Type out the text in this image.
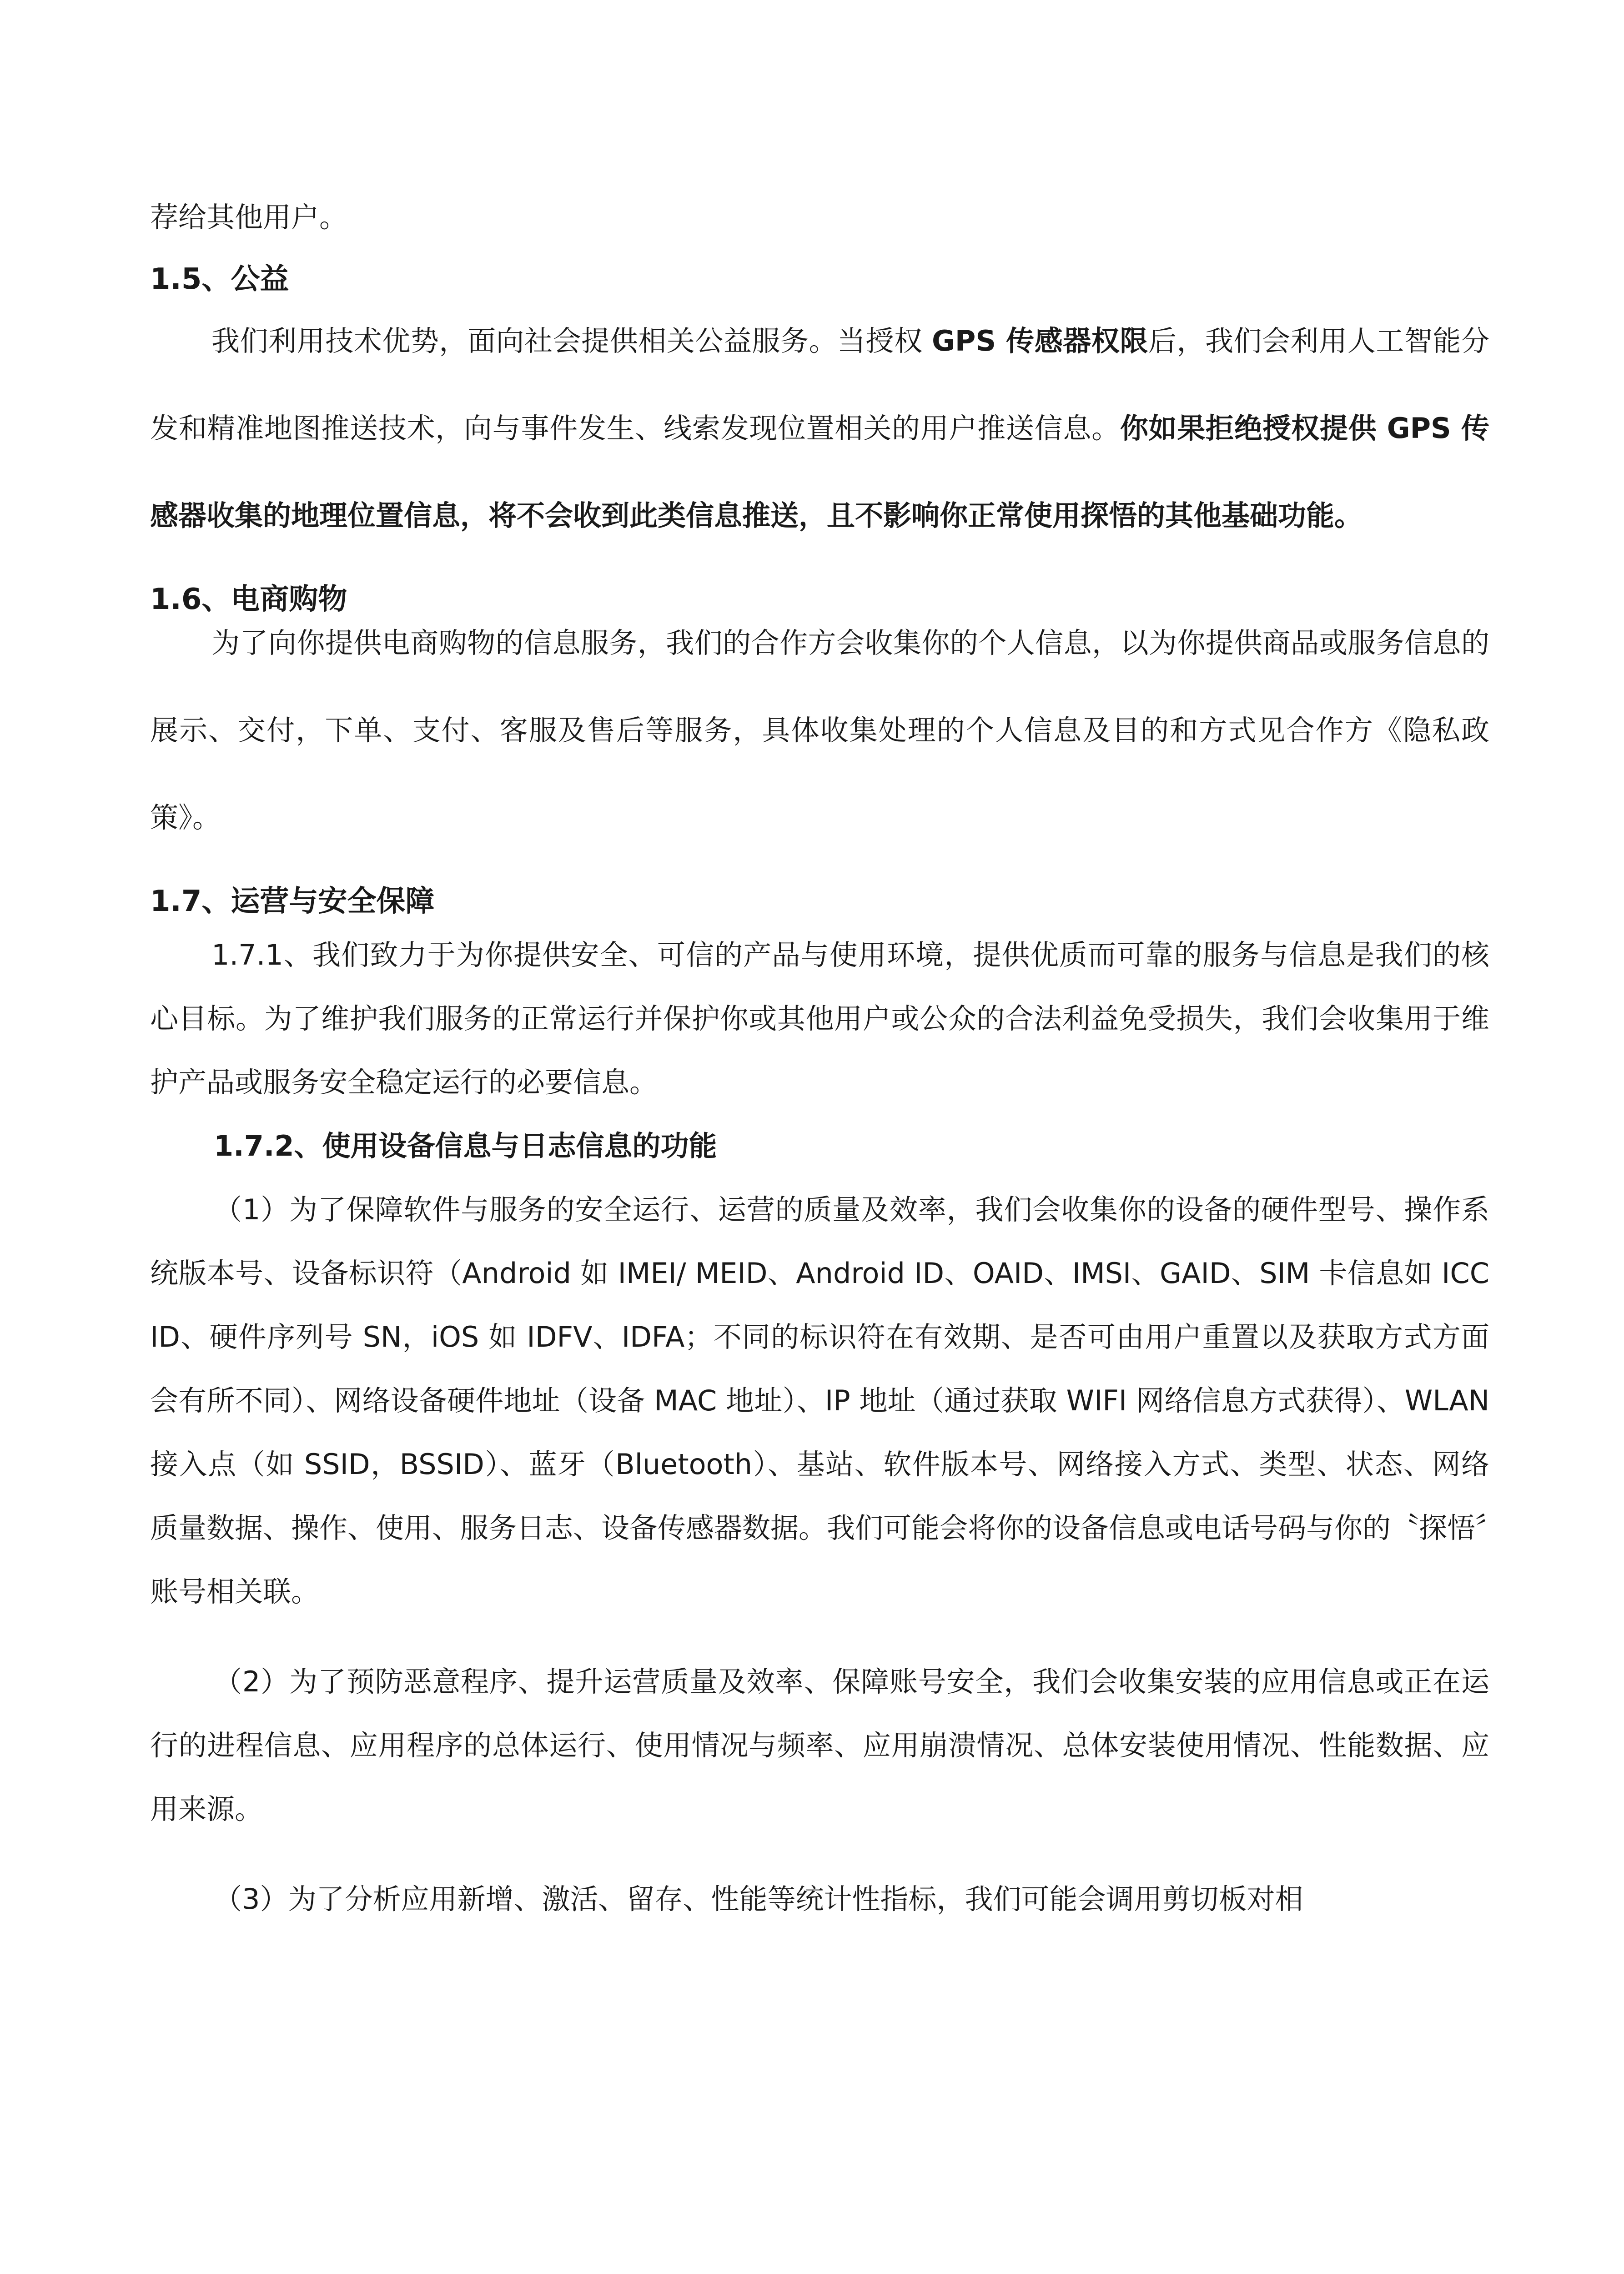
荐给其他用户。

1.5、公益

我们利用技术优势，面向社会提供相关公益服务。当授权 GPS 传感器权限后，我们会利用人工智能分发和精准地图推送技术，向与事件发生、线索发现位置相关的用户推送信息。你如果拒绝授权提供 GPS 传感器收集的地理位置信息，将不会收到此类信息推送，且不影响你正常使用探悟的其他基础功能。

1.6、电商购物

为了向你提供电商购物的信息服务，我们的合作方会收集你的个人信息，以为你提供商品或服务信息的展示、交付，下单、支付、客服及售后等服务，具体收集处理的个人信息及目的和方式见合作方《隐私政策》。

1.7、运营与安全保障

1.7.1、我们致力于为你提供安全、可信的产品与使用环境，提供优质而可靠的服务与信息是我们的核心目标。为了维护我们服务的正常运行并保护你或其他用户或公众的合法利益免受损失，我们会收集用于维护产品或服务安全稳定运行的必要信息。

1.7.2、使用设备信息与日志信息的功能

（1）为了保障软件与服务的安全运行、运营的质量及效率，我们会收集你的设备的硬件型号、操作系统版本号、设备标识符（Android 如 IMEI/ MEID、Android ID、OAID、IMSI、GAID、SIM 卡信息如 ICCID、硬件序列号 SN，iOS 如 IDFV、IDFA；不同的标识符在有效期、是否可由用户重置以及获取方式方面会有所不同）、网络设备硬件地址（设备 MAC 地址）、IP 地址（通过获取 WIFI 网络信息方式获得）、WLAN 接入点（如 SSID，BSSID）、蓝牙（Bluetooth）、基站、软件版本号、网络接入方式、类型、状态、网络质量数据、操作、使用、服务日志、设备传感器数据。我们可能会将你的设备信息或电话号码与你的〝探悟〞账号相关联。

（2）为了预防恶意程序、提升运营质量及效率、保障账号安全，我们会收集安装的应用信息或正在运行的进程信息、应用程序的总体运行、使用情况与频率、应用崩溃情况、总体安装使用情况、性能数据、应用来源。

（3）为了分析应用新增、激活、留存、性能等统计性指标，我们可能会调用剪切板对相
